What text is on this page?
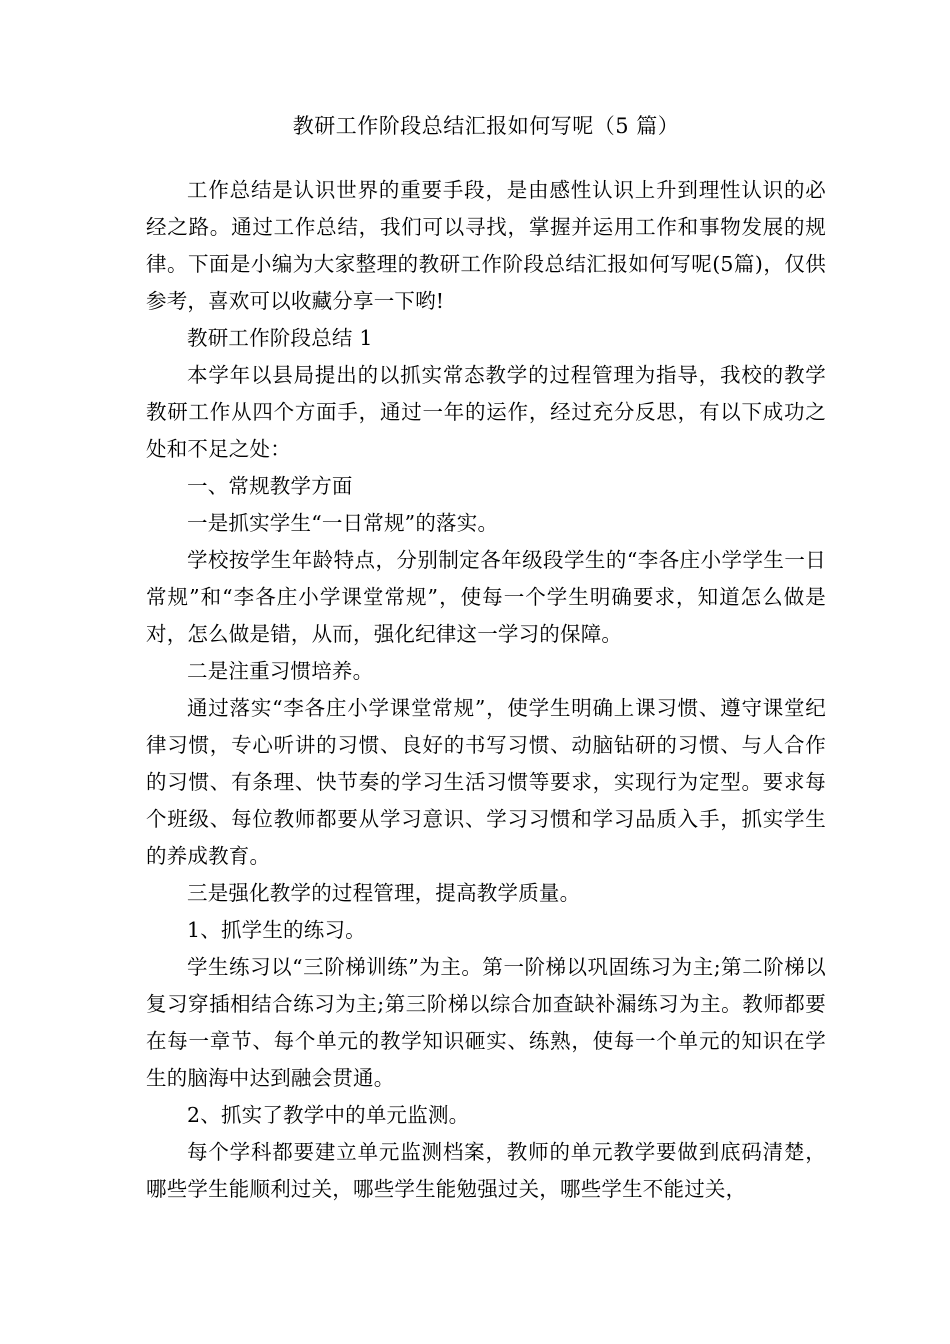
教研工作阶段总结汇报如何写呢（5 篇）

工作总结是认识世界的重要手段，是由感性认识上升到理性认识的必经之路。通过工作总结，我们可以寻找，掌握并运用工作和事物发展的规律。下面是小编为大家整理的教研工作阶段总结汇报如何写呢(5篇)，仅供参考，喜欢可以收藏分享一下哟!

教研工作阶段总结 1

本学年以县局提出的以抓实常态教学的过程管理为指导，我校的教学教研工作从四个方面手，通过一年的运作，经过充分反思，有以下成功之处和不足之处：

一、常规教学方面

一是抓实学生“一日常规”的落实。

学校按学生年龄特点，分别制定各年级段学生的“李各庄小学学生一日常规”和“李各庄小学课堂常规”，使每一个学生明确要求，知道怎么做是对，怎么做是错，从而，强化纪律这一学习的保障。

二是注重习惯培养。

通过落实“李各庄小学课堂常规”，使学生明确上课习惯、遵守课堂纪律习惯，专心听讲的习惯、良好的书写习惯、动脑钻研的习惯、与人合作的习惯、有条理、快节奏的学习生活习惯等要求，实现行为定型。要求每个班级、每位教师都要从学习意识、学习习惯和学习品质入手，抓实学生的养成教育。

三是强化教学的过程管理，提高教学质量。

1、抓学生的练习。

学生练习以“三阶梯训练”为主。第一阶梯以巩固练习为主;第二阶梯以复习穿插相结合练习为主;第三阶梯以综合加查缺补漏练习为主。教师都要在每一章节、每个单元的教学知识砸实、练熟，使每一个单元的知识在学生的脑海中达到融会贯通。

2、抓实了教学中的单元监测。

每个学科都要建立单元监测档案，教师的单元教学要做到底码清楚，哪些学生能顺利过关，哪些学生能勉强过关，哪些学生不能过关，
